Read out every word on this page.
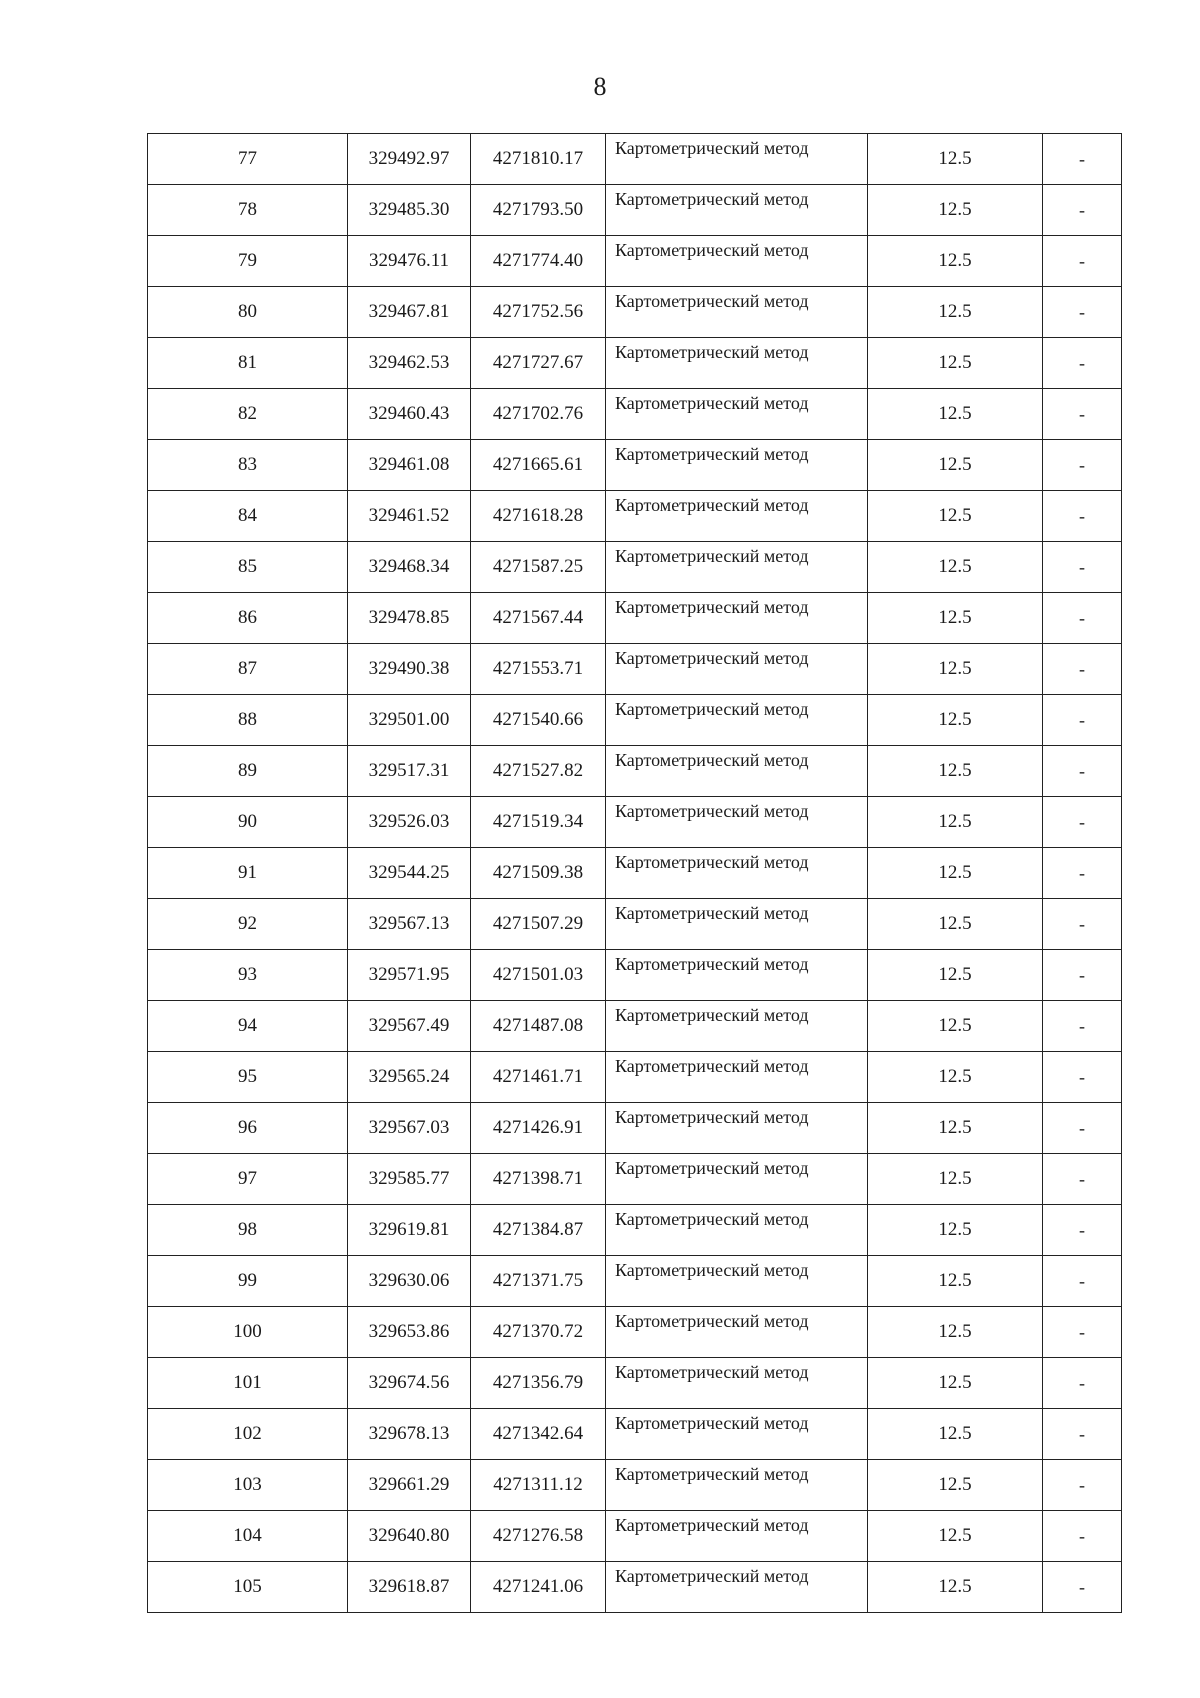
8
77	329492.97	4271810.17	Картометрический метод	12.5	-
78	329485.30	4271793.50	Картометрический метод	12.5	-
79	329476.11	4271774.40	Картометрический метод	12.5	-
80	329467.81	4271752.56	Картометрический метод	12.5	-
81	329462.53	4271727.67	Картометрический метод	12.5	-
82	329460.43	4271702.76	Картометрический метод	12.5	-
83	329461.08	4271665.61	Картометрический метод	12.5	-
84	329461.52	4271618.28	Картометрический метод	12.5	-
85	329468.34	4271587.25	Картометрический метод	12.5	-
86	329478.85	4271567.44	Картометрический метод	12.5	-
87	329490.38	4271553.71	Картометрический метод	12.5	-
88	329501.00	4271540.66	Картометрический метод	12.5	-
89	329517.31	4271527.82	Картометрический метод	12.5	-
90	329526.03	4271519.34	Картометрический метод	12.5	-
91	329544.25	4271509.38	Картометрический метод	12.5	-
92	329567.13	4271507.29	Картометрический метод	12.5	-
93	329571.95	4271501.03	Картометрический метод	12.5	-
94	329567.49	4271487.08	Картометрический метод	12.5	-
95	329565.24	4271461.71	Картометрический метод	12.5	-
96	329567.03	4271426.91	Картометрический метод	12.5	-
97	329585.77	4271398.71	Картометрический метод	12.5	-
98	329619.81	4271384.87	Картометрический метод	12.5	-
99	329630.06	4271371.75	Картометрический метод	12.5	-
100	329653.86	4271370.72	Картометрический метод	12.5	-
101	329674.56	4271356.79	Картометрический метод	12.5	-
102	329678.13	4271342.64	Картометрический метод	12.5	-
103	329661.29	4271311.12	Картометрический метод	12.5	-
104	329640.80	4271276.58	Картометрический метод	12.5	-
105	329618.87	4271241.06	Картометрический метод	12.5	-
